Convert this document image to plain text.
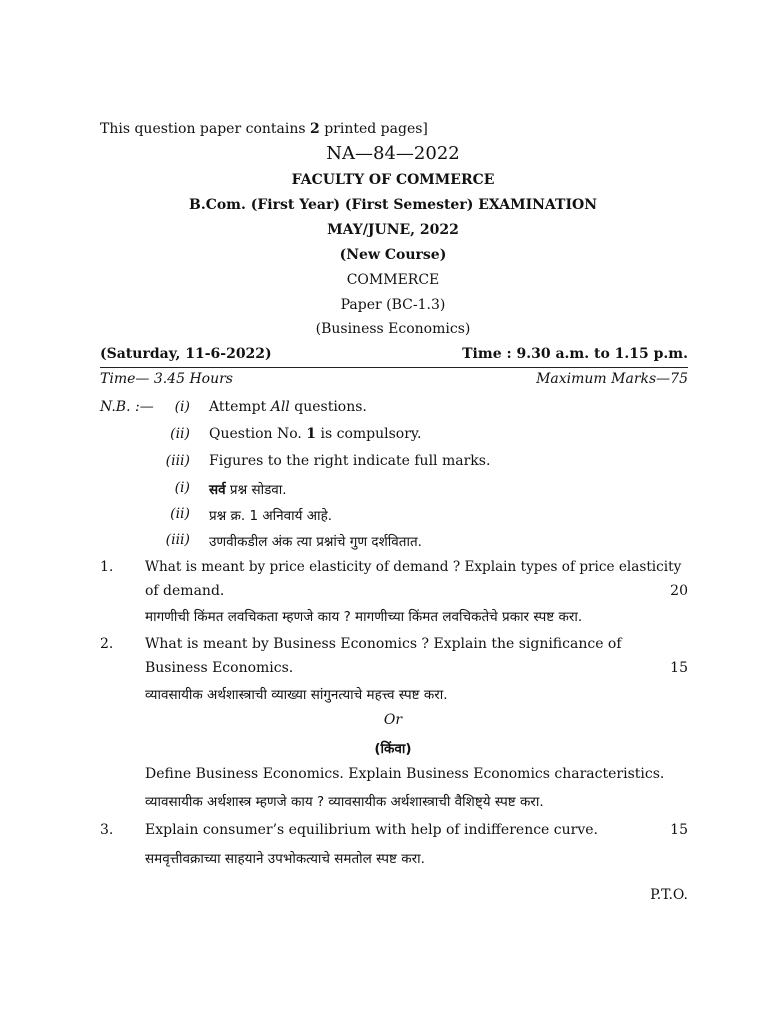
This question paper contains 2 printed pages]
NA—84—2022
FACULTY OF COMMERCE
B.Com. (First Year) (First Semester) EXAMINATION
MAY/JUNE, 2022
(New Course)
COMMERCE
Paper (BC-1.3)
(Business Economics)
(Saturday, 11-6-2022)	Time : 9.30 a.m. to 1.15 p.m.
Time— 3.45 Hours	Maximum Marks—75
N.B. :—	(i) Attempt All questions.
(ii) Question No. 1 is compulsory.
(iii) Figures to the right indicate full marks.
(i) सर्व प्रश्न सोडवा.
(ii) प्रश्न क्र. 1 अनिवार्य आहे.
(iii) उणवीकडील अंक त्या प्रश्नांचे गुण दर्शवितात.
1. What is meant by price elasticity of demand ? Explain types of price elasticity
of demand.	20
मागणीची किंमत लवचिकता म्हणजे काय ? मागणीच्या किंमत लवचिकतेचे प्रकार स्पष्ट करा.
2. What is meant by Business Economics ? Explain the significance of
Business Economics.	15
व्यावसायीक अर्थशास्त्राची व्याख्या सांगुनत्याचे महत्त्व स्पष्ट करा.
Or
(किंवा)
Define Business Economics. Explain Business Economics characteristics.
व्यावसायीक अर्थशास्त्र म्हणजे काय ? व्यावसायीक अर्थशास्त्राची वैशिष्ट्ये स्पष्ट करा.
3. Explain consumer’s equilibrium with help of indifference curve.	15
समवृत्तीवक्राच्या साहयाने उपभोकत्याचे समतोल स्पष्ट करा.
P.T.O.
